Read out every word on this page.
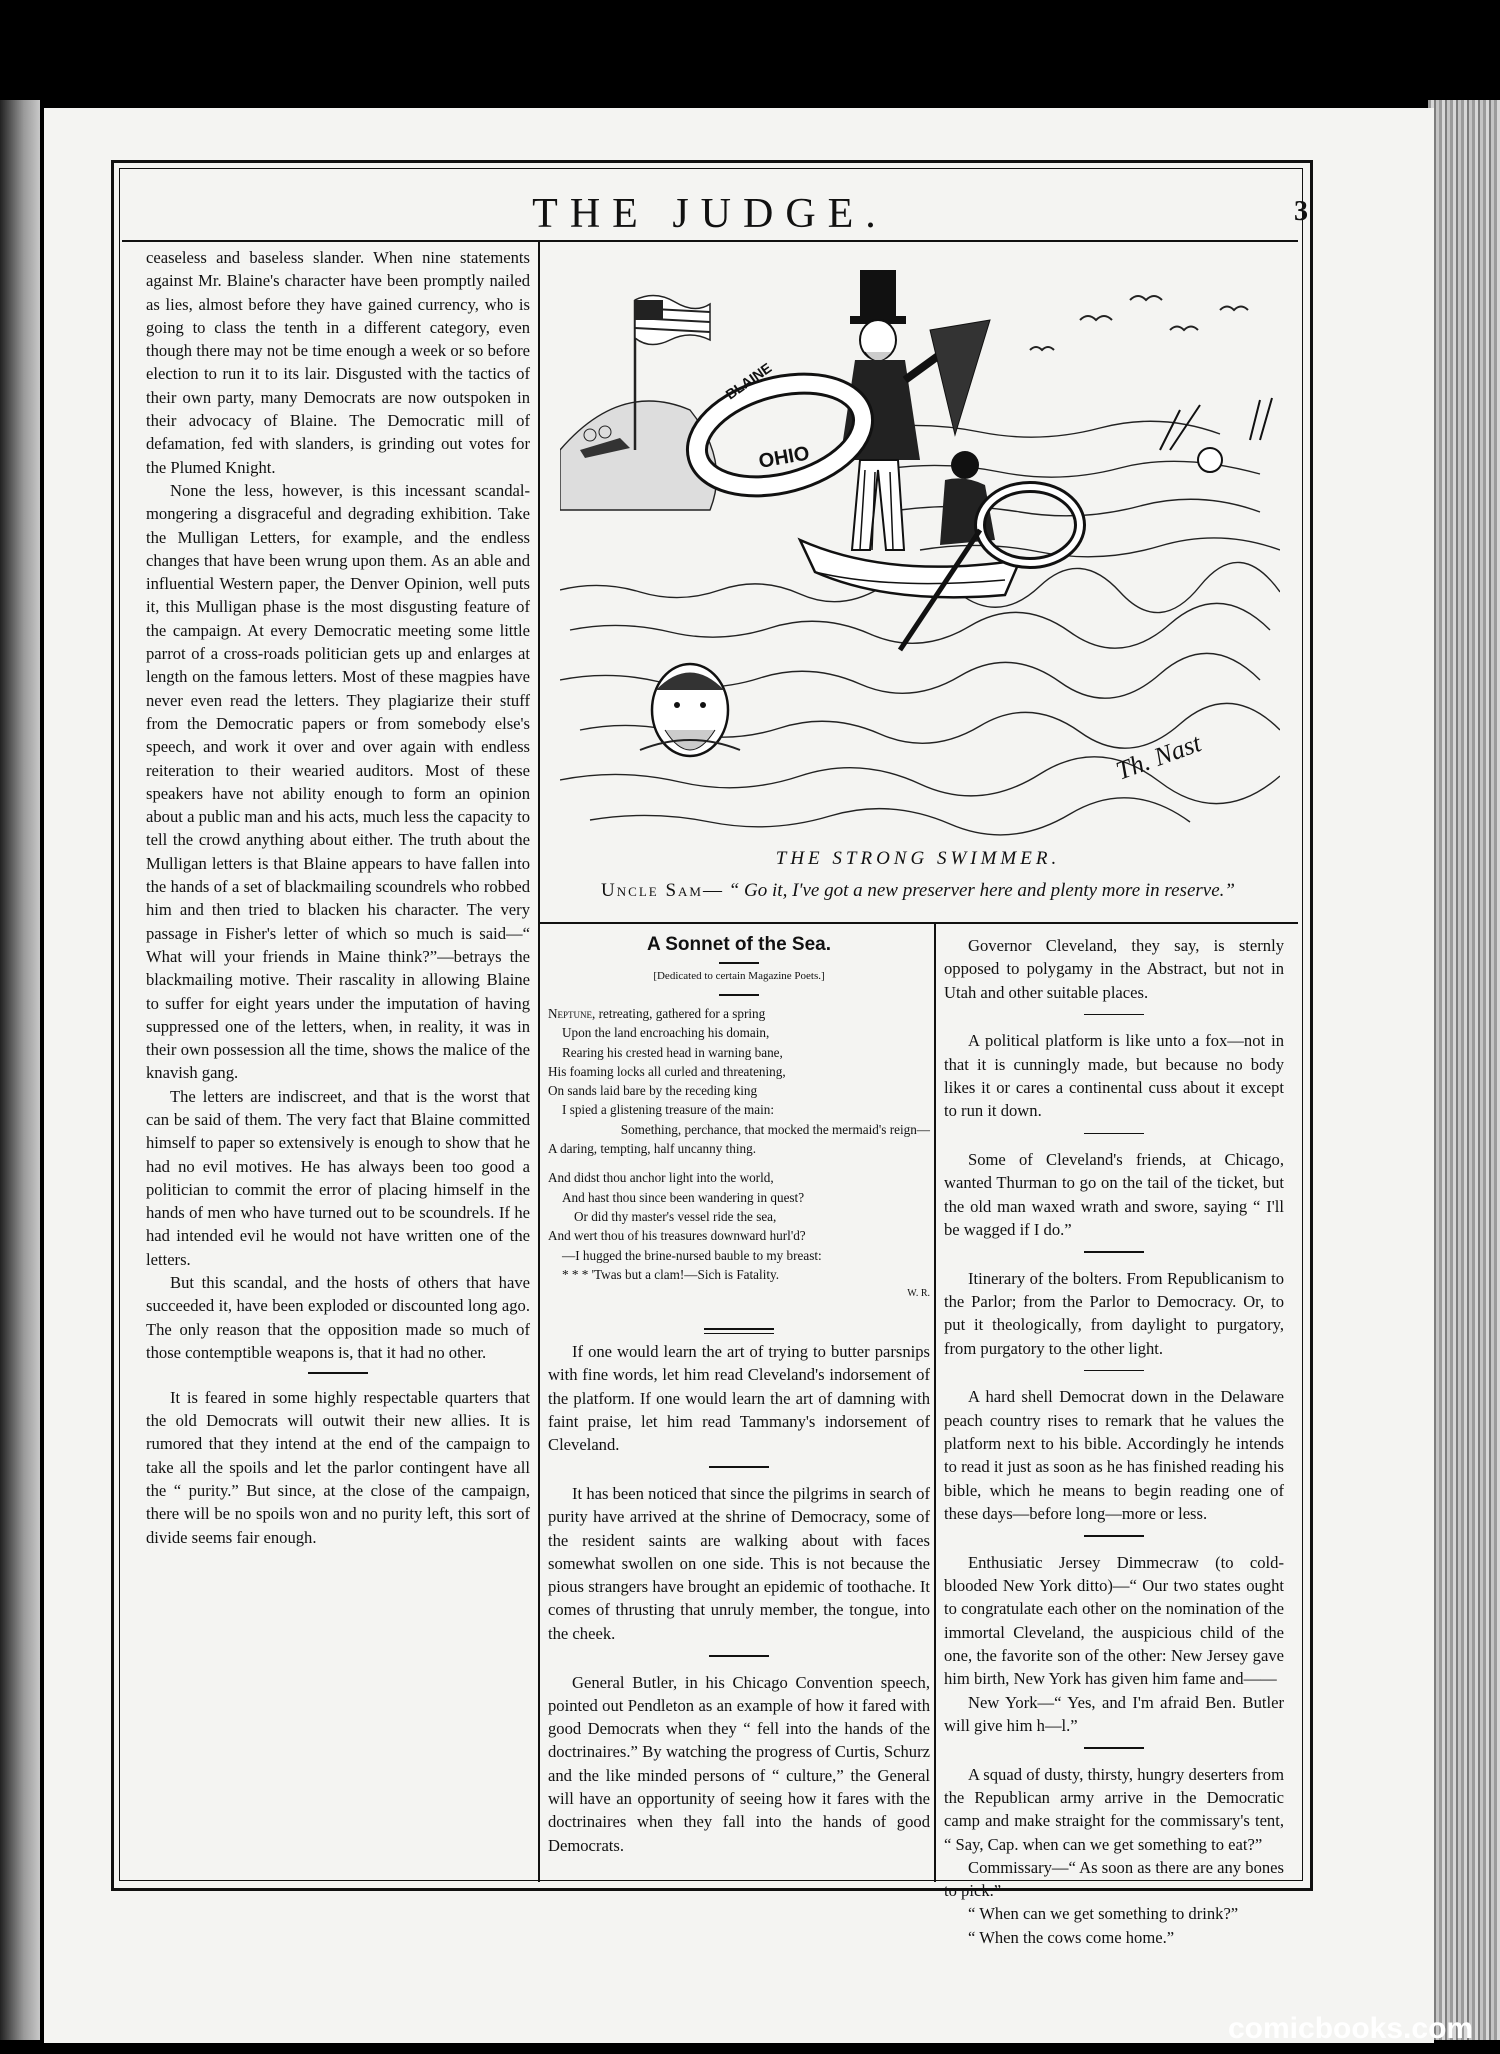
THE JUDGE.	3

ceaseless and baseless slander. When nine statements against Mr. Blaine's character have been promptly nailed as lies, almost before they have gained currency, who is going to class the tenth in a different category, even though there may not be time enough a week or so before election to run it to its lair. Disgusted with the tactics of their own party, many Democrats are now outspoken in their advocacy of Blaine. The Democratic mill of defamation, fed with slanders, is grinding out votes for the Plumed Knight.

None the less, however, is this incessant scandal-mongering a disgraceful and degrading exhibition. Take the Mulligan Letters, for example, and the endless changes that have been wrung upon them. As an able and influential Western paper, the Denver Opinion, well puts it, this Mulligan phase is the most disgusting feature of the campaign. At every Democratic meeting some little parrot of a cross-roads politician gets up and enlarges at length on the famous letters. Most of these magpies have never even read the letters. They plagiarize their stuff from the Democratic papers or from somebody else's speech, and work it over and over again with endless reiteration to their wearied auditors. Most of these speakers have not ability enough to form an opinion about a public man and his acts, much less the capacity to tell the crowd anything about either. The truth about the Mulligan letters is that Blaine appears to have fallen into the hands of a set of blackmailing scoundrels who robbed him and then tried to blacken his character. The very passage in Fisher's letter of which so much is said—“ What will your friends in Maine think?”—betrays the blackmailing motive. Their rascality in allowing Blaine to suffer for eight years under the imputation of having suppressed one of the letters, when, in reality, it was in their own possession all the time, shows the malice of the knavish gang.

The letters are indiscreet, and that is the worst that can be said of them. The very fact that Blaine committed himself to paper so extensively is enough to show that he had no evil motives. He has always been too good a politician to commit the error of placing himself in the hands of men who have turned out to be scoundrels. If he had intended evil he would not have written one of the letters.

But this scandal, and the hosts of others that have succeeded it, have been exploded or discounted long ago. The only reason that the opposition made so much of those contemptible weapons is, that it had no other.

It is feared in some highly respectable quarters that the old Democrats will outwit their new allies. It is rumored that they intend at the end of the campaign to take all the spoils and let the parlor contingent have all the “ purity.” But since, at the close of the campaign, there will be no spoils won and no purity left, this sort of divide seems fair enough.

BLAINE
OHIO
Th. Nast
THE STRONG SWIMMER.
Uncle Sam— “ Go it, I've got a new preserver here and plenty more in reserve.”
A Sonnet of the Sea.
[Dedicated to certain Magazine Poets.]
Neptune, retreating, gathered for a spring
Upon the land encroaching his domain,
Rearing his crested head in warning bane,
His foaming locks all curled and threatening,
On sands laid bare by the receding king
I spied a glistening treasure of the main:
Something, perchance, that mocked the mermaid's reign—
A daring, tempting, half uncanny thing.
And didst thou anchor light into the world,
And hast thou since been wandering in quest?
Or did thy master's vessel ride the sea,
And wert thou of his treasures downward hurl'd?
—I hugged the brine-nursed bauble to my breast:
* * * 'Twas but a clam!—Sich is Fatality.
W. R.

If one would learn the art of trying to butter parsnips with fine words, let him read Cleveland's indorsement of the platform. If one would learn the art of damning with faint praise, let him read Tammany's indorsement of Cleveland.

It has been noticed that since the pilgrims in search of purity have arrived at the shrine of Democracy, some of the resident saints are walking about with faces somewhat swollen on one side. This is not because the pious strangers have brought an epidemic of toothache. It comes of thrusting that unruly member, the tongue, into the cheek.

General Butler, in his Chicago Convention speech, pointed out Pendleton as an example of how it fared with good Democrats when they “ fell into the hands of the doctrinaires.” By watching the progress of Curtis, Schurz and the like minded persons of “ culture,” the General will have an opportunity of seeing how it fares with the doctrinaires when they fall into the hands of good Democrats.

Governor Cleveland, they say, is sternly opposed to polygamy in the Abstract, but not in Utah and other suitable places.

A political platform is like unto a fox—not in that it is cunningly made, but because no body likes it or cares a continental cuss about it except to run it down.

Some of Cleveland's friends, at Chicago, wanted Thurman to go on the tail of the ticket, but the old man waxed wrath and swore, saying “ I'll be wagged if I do.”

Itinerary of the bolters. From Republicanism to the Parlor; from the Parlor to Democracy. Or, to put it theologically, from daylight to purgatory, from purgatory to the other light.

A hard shell Democrat down in the Delaware peach country rises to remark that he values the platform next to his bible. Accordingly he intends to read it just as soon as he has finished reading his bible, which he means to begin reading one of these days—before long—more or less.

Enthusiatic Jersey Dimmecraw (to cold-blooded New York ditto)—“ Our two states ought to congratulate each other on the nomination of the immortal Cleveland, the auspicious child of the one, the favorite son of the other: New Jersey gave him birth, New York has given him fame and——

New York—“ Yes, and I'm afraid Ben. Butler will give him h—l.”

A squad of dusty, thirsty, hungry deserters from the Republican army arrive in the Democratic camp and make straight for the commissary's tent, “ Say, Cap. when can we get something to eat?”

Commissary—“ As soon as there are any bones to pick.”

“ When can we get something to drink?”

“ When the cows come home.”

comicbooks.com
